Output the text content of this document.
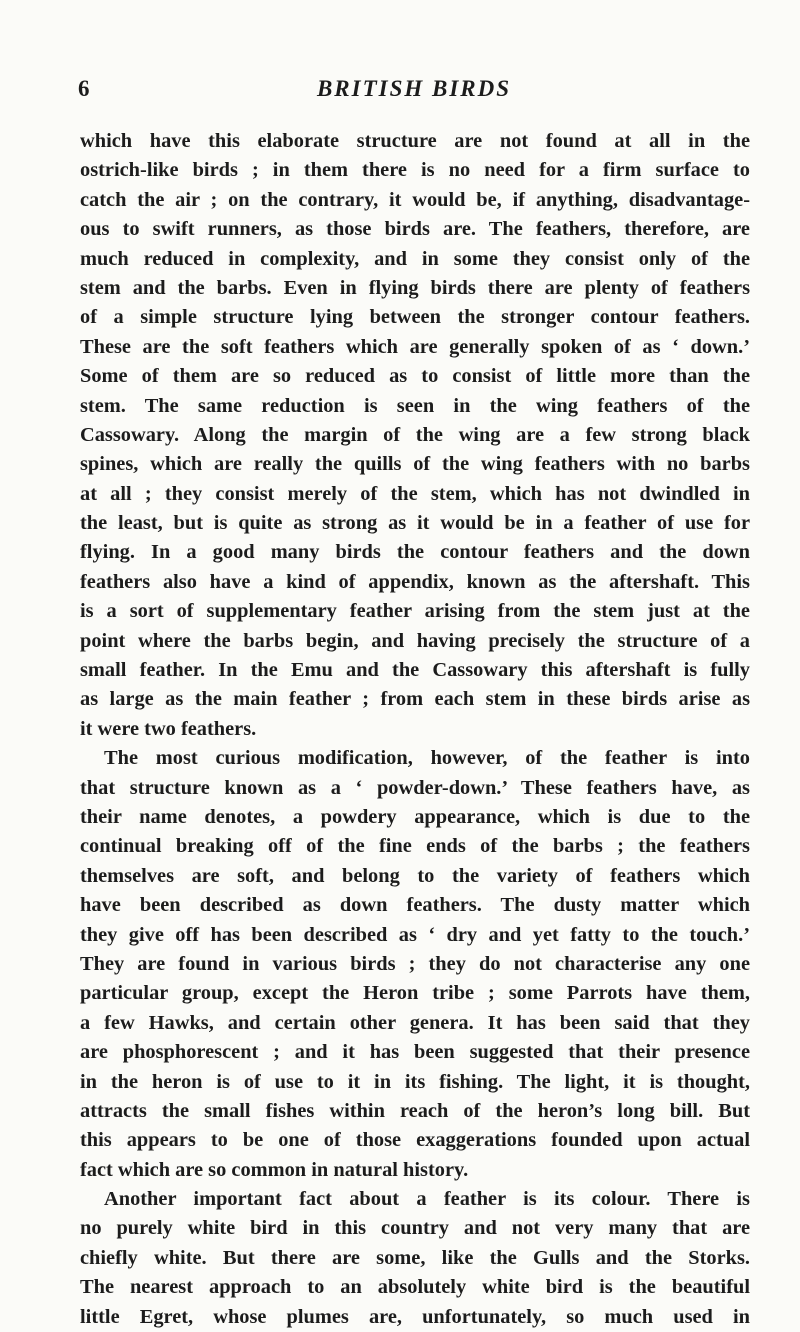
6	BRITISH BIRDS
which have this elaborate structure are not found at all in the
ostrich-like birds ; in them there is no need for a firm surface to
catch the air ; on the contrary, it would be, if anything, disadvantage-
ous to swift runners, as those birds are. The feathers, therefore, are
much reduced in complexity, and in some they consist only of the
stem and the barbs. Even in flying birds there are plenty of feathers
of a simple structure lying between the stronger contour feathers.
These are the soft feathers which are generally spoken of as ‘ down.’
Some of them are so reduced as to consist of little more than the
stem. The same reduction is seen in the wing feathers of the
Cassowary. Along the margin of the wing are a few strong black
spines, which are really the quills of the wing feathers with no barbs
at all ; they consist merely of the stem, which has not dwindled in
the least, but is quite as strong as it would be in a feather of use for
flying. In a good many birds the contour feathers and the down
feathers also have a kind of appendix, known as the aftershaft. This
is a sort of supplementary feather arising from the stem just at the
point where the barbs begin, and having precisely the structure of a
small feather. In the Emu and the Cassowary this aftershaft is fully
as large as the main feather ; from each stem in these birds arise as
it were two feathers.
The most curious modification, however, of the feather is into
that structure known as a ‘ powder-down.’ These feathers have, as
their name denotes, a powdery appearance, which is due to the
continual breaking off of the fine ends of the barbs ; the feathers
themselves are soft, and belong to the variety of feathers which
have been described as down feathers. The dusty matter which
they give off has been described as ‘ dry and yet fatty to the touch.’
They are found in various birds ; they do not characterise any one
particular group, except the Heron tribe ; some Parrots have them,
a few Hawks, and certain other genera. It has been said that they
are phosphorescent ; and it has been suggested that their presence
in the heron is of use to it in its fishing. The light, it is thought,
attracts the small fishes within reach of the heron’s long bill. But
this appears to be one of those exaggerations founded upon actual
fact which are so common in natural history.
Another important fact about a feather is its colour. There is
no purely white bird in this country and not very many that are
chiefly white. But there are some, like the Gulls and the Storks.
The nearest approach to an absolutely white bird is the beautiful
little Egret, whose plumes are, unfortunately, so much used in
